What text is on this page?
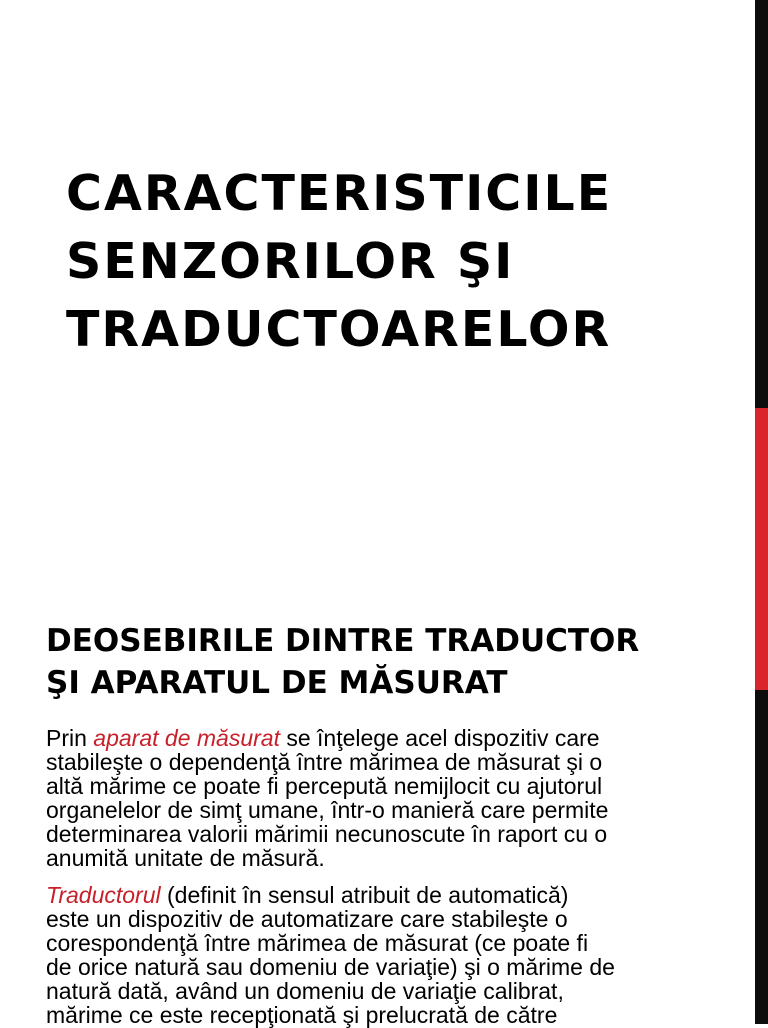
CARACTERISTICILE
SENZORILOR ŞI
TRADUCTOARELOR
DEOSEBIRILE DINTRE TRADUCTOR
ŞI APARATUL DE MĂSURAT

Prin aparat de măsurat se înţelege acel dispozitiv care
stabileşte o dependenţă între mărimea de măsurat şi o
altă mărime ce poate fi percepută nemijlocit cu ajutorul
organelelor de simţ umane, într-o manieră care permite
determinarea valorii mărimii necunoscute în raport cu o
anumită unitate de măsură.

Traductorul (definit în sensul atribuit de automatică)
este un dispozitiv de automatizare care stabileşte o
corespondenţă între mărimea de măsurat (ce poate fi
de orice natură sau domeniu de variaţie) şi o mărime de
natură dată, având un domeniu de variaţie calibrat,
mărime ce este recepţionată şi prelucrată de către
